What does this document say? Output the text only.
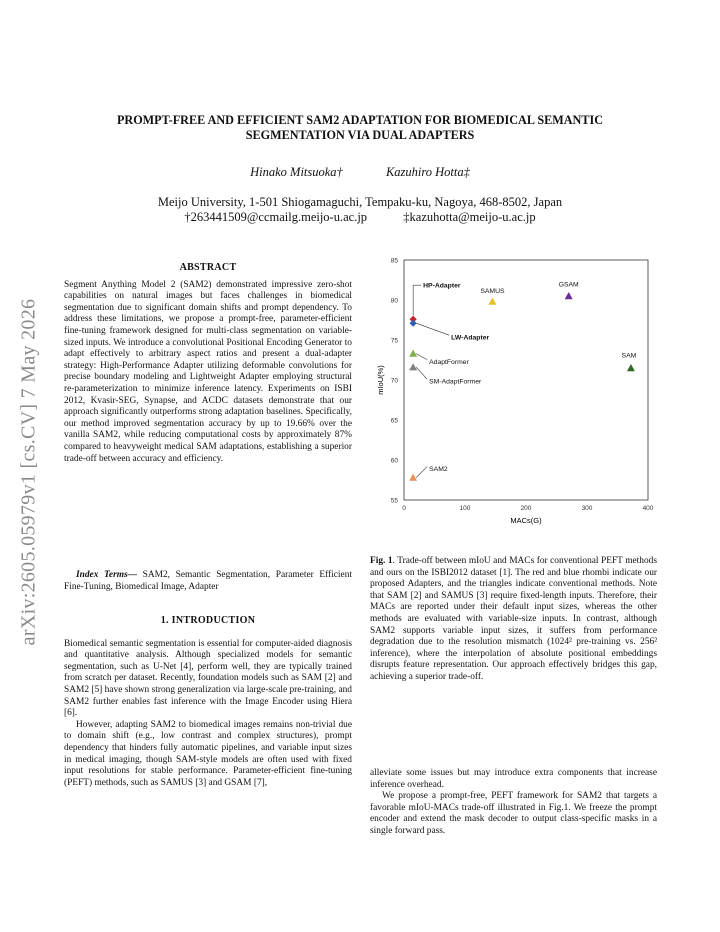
arXiv:2605.05979v1 [cs.CV] 7 May 2026
PROMPT-FREE AND EFFICIENT SAM2 ADAPTATION FOR BIOMEDICAL SEMANTIC
SEGMENTATION VIA DUAL ADAPTERS
Hinako Mitsuoka†	Kazuhiro Hotta‡
Meijo University, 1-501 Shiogamaguchi, Tempaku-ku, Nagoya, 468-8502, Japan
†263441509@ccmailg.meijo-u.ac.jp	‡kazuhotta@meijo-u.ac.jp
ABSTRACT

Segment Anything Model 2 (SAM2) demonstrated impressive zero-shot capabilities on natural images but faces challenges in biomedical segmentation due to significant domain shifts and prompt dependency. To address these limitations, we propose a prompt-free, parameter-efficient fine-tuning framework designed for multi-class segmentation on variable-sized inputs. We introduce a convolutional Positional Encoding Generator to adapt effectively to arbitrary aspect ratios and present a dual-adapter strategy: High-Performance Adapter utilizing deformable convolutions for precise boundary modeling and Lightweight Adapter employing structural re-parameterization to minimize inference latency. Experiments on ISBI 2012, Kvasir-SEG, Synapse, and ACDC datasets demonstrate that our approach significantly outperforms strong adaptation baselines. Specifically, our method improved segmentation accuracy by up to 19.66% over the vanilla SAM2, while reducing computational costs by approximately 87% compared to heavyweight medical SAM adaptations, establishing a superior trade-off between accuracy and efficiency.

Index Terms— SAM2, Semantic Segmentation, Parameter Efficient Fine-Tuning, Biomedical Image, Adapter

1. INTRODUCTION

Biomedical semantic segmentation is essential for computer-aided diagnosis and quantitative analysis. Although specialized models for semantic segmentation, such as U-Net [4], perform well, they are typically trained from scratch per dataset. Recently, foundation models such as SAM [2] and SAM2 [5] have shown strong generalization via large-scale pre-training, and SAM2 further enables fast inference with the Image Encoder using Hiera [6].

However, adapting SAM2 to biomedical images remains non-trivial due to domain shift (e.g., low contrast and complex structures), prompt dependency that hinders fully automatic pipelines, and variable input sizes in medical imaging, though SAM-style models are often used with fixed input resolutions for stable performance. Parameter-efficient fine-tuning (PEFT) methods, such as SAMUS [3] and GSAM [7],

0	100	200	300	400
55
60
65
70
75
80
85
HP-Adapter
LW-Adapter
SAMUS
GSAM
SAM
AdaptFormer
SM-AdaptFormer
SAM2
MACs(G)
mIoU(%)

Fig. 1. Trade-off between mIoU and MACs for conventional PEFT methods and ours on the ISBI2012 dataset [1]. The red and blue rhombi indicate our proposed Adapters, and the triangles indicate conventional methods. Note that SAM [2] and SAMUS [3] require fixed-length inputs. Therefore, their MACs are reported under their default input sizes, whereas the other methods are evaluated with variable-size inputs. In contrast, although SAM2 supports variable input sizes, it suffers from performance degradation due to the resolution mismatch (1024² pre-training vs. 256² inference), where the interpolation of absolute positional embeddings disrupts feature representation. Our approach effectively bridges this gap, achieving a superior trade-off.

alleviate some issues but may introduce extra components that increase inference overhead.

We propose a prompt-free, PEFT framework for SAM2 that targets a favorable mIoU-MACs trade-off illustrated in Fig.1. We freeze the prompt encoder and extend the mask decoder to output class-specific masks in a single forward pass.
